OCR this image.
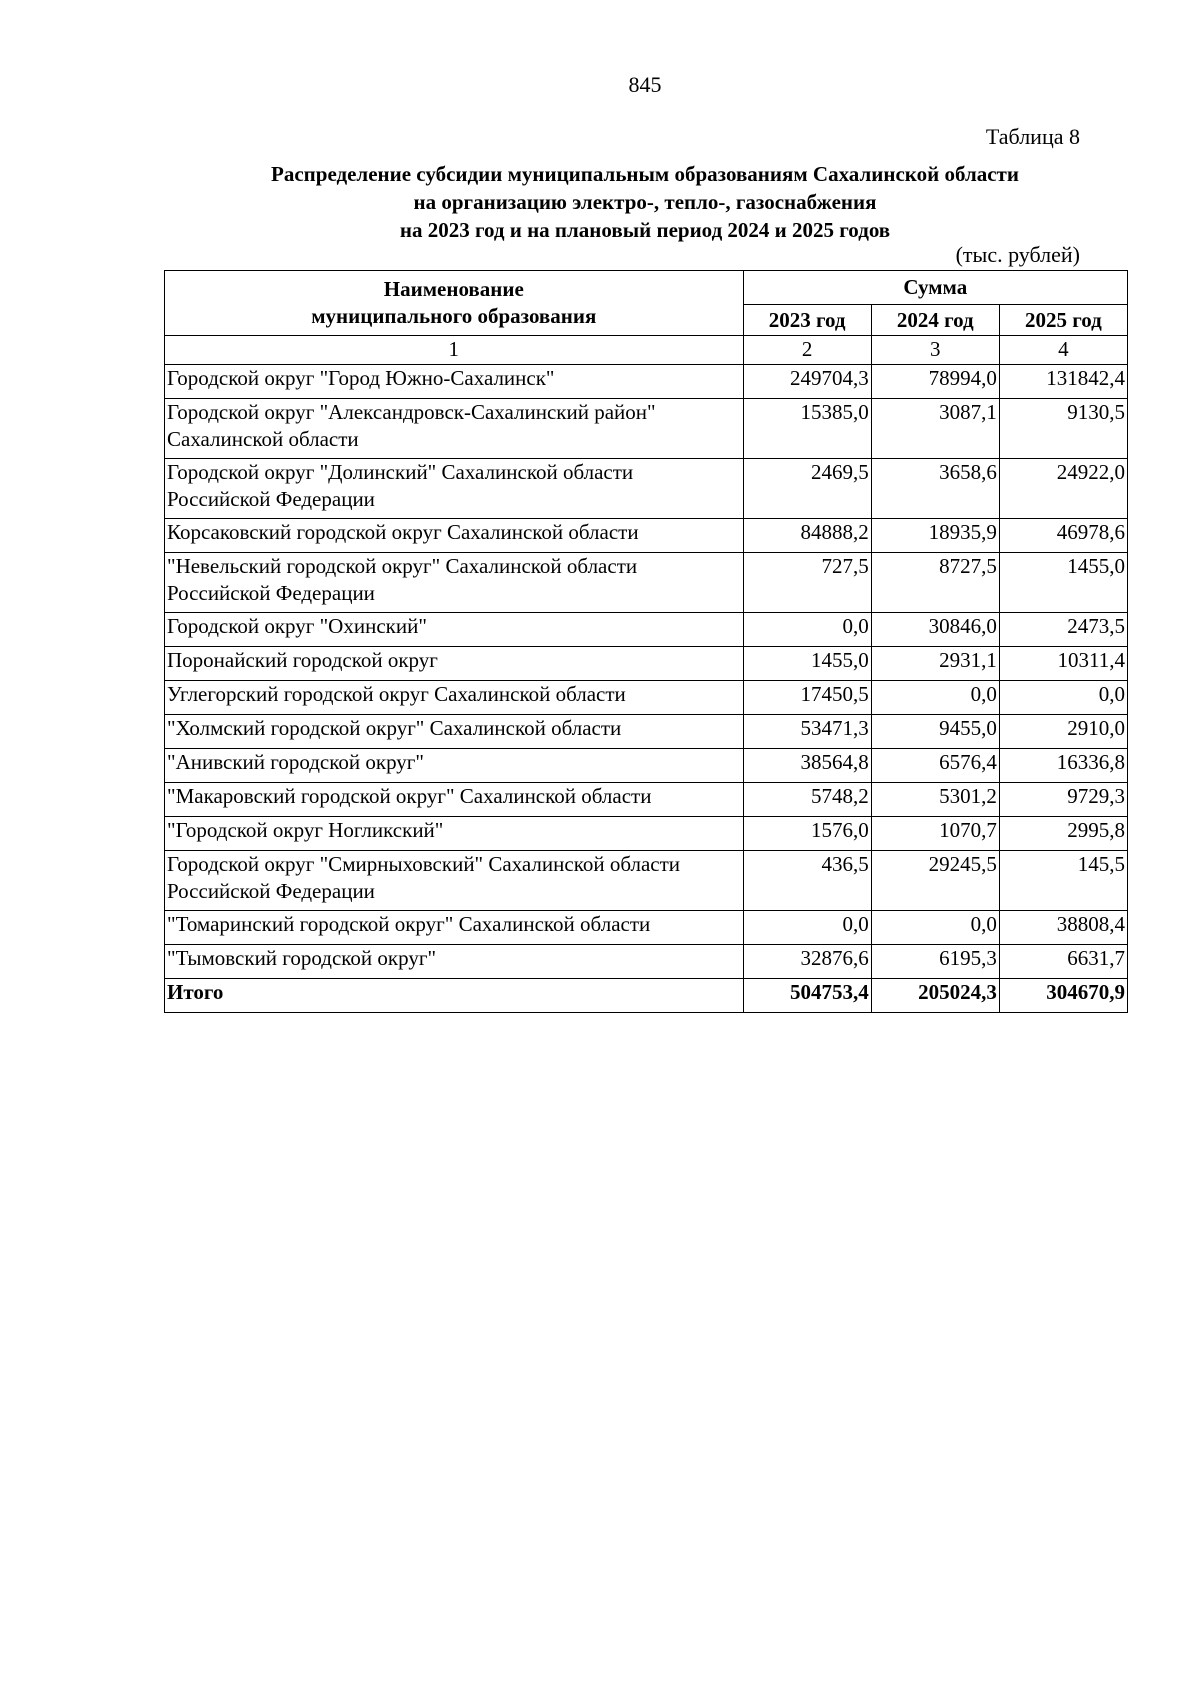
845
Таблица 8
Распределение субсидии муниципальным образованиям Сахалинской области
на организацию электро-, тепло-, газоснабжения
на 2023 год и на плановый период 2024 и 2025 годов
(тыс. рублей)
Наименование
муниципального образования	Сумма		
	2023 год	2024 год	2025 год
1	2	3	4
Городской округ "Город Южно-Сахалинск"	249704,3	78994,0	131842,4
Городской округ "Александровск-Сахалинский район" Сахалинской области	15385,0	3087,1	9130,5
Городской округ "Долинский" Сахалинской области Российской Федерации	2469,5	3658,6	24922,0
Корсаковский городской округ Сахалинской области	84888,2	18935,9	46978,6
"Невельский городской округ" Сахалинской области Российской Федерации	727,5	8727,5	1455,0
Городской округ "Охинский"	0,0	30846,0	2473,5
Поронайский городской округ	1455,0	2931,1	10311,4
Углегорский городской округ Сахалинской области	17450,5	0,0	0,0
"Холмский городской округ" Сахалинской области	53471,3	9455,0	2910,0
"Анивский городской округ"	38564,8	6576,4	16336,8
"Макаровский городской округ" Сахалинской области	5748,2	5301,2	9729,3
"Городской округ Ногликский"	1576,0	1070,7	2995,8
Городской округ "Смирныховский" Сахалинской области Российской Федерации	436,5	29245,5	145,5
"Томаринский городской округ" Сахалинской области	0,0	0,0	38808,4
"Тымовский городской округ"	32876,6	6195,3	6631,7
Итого	504753,4	205024,3	304670,9
